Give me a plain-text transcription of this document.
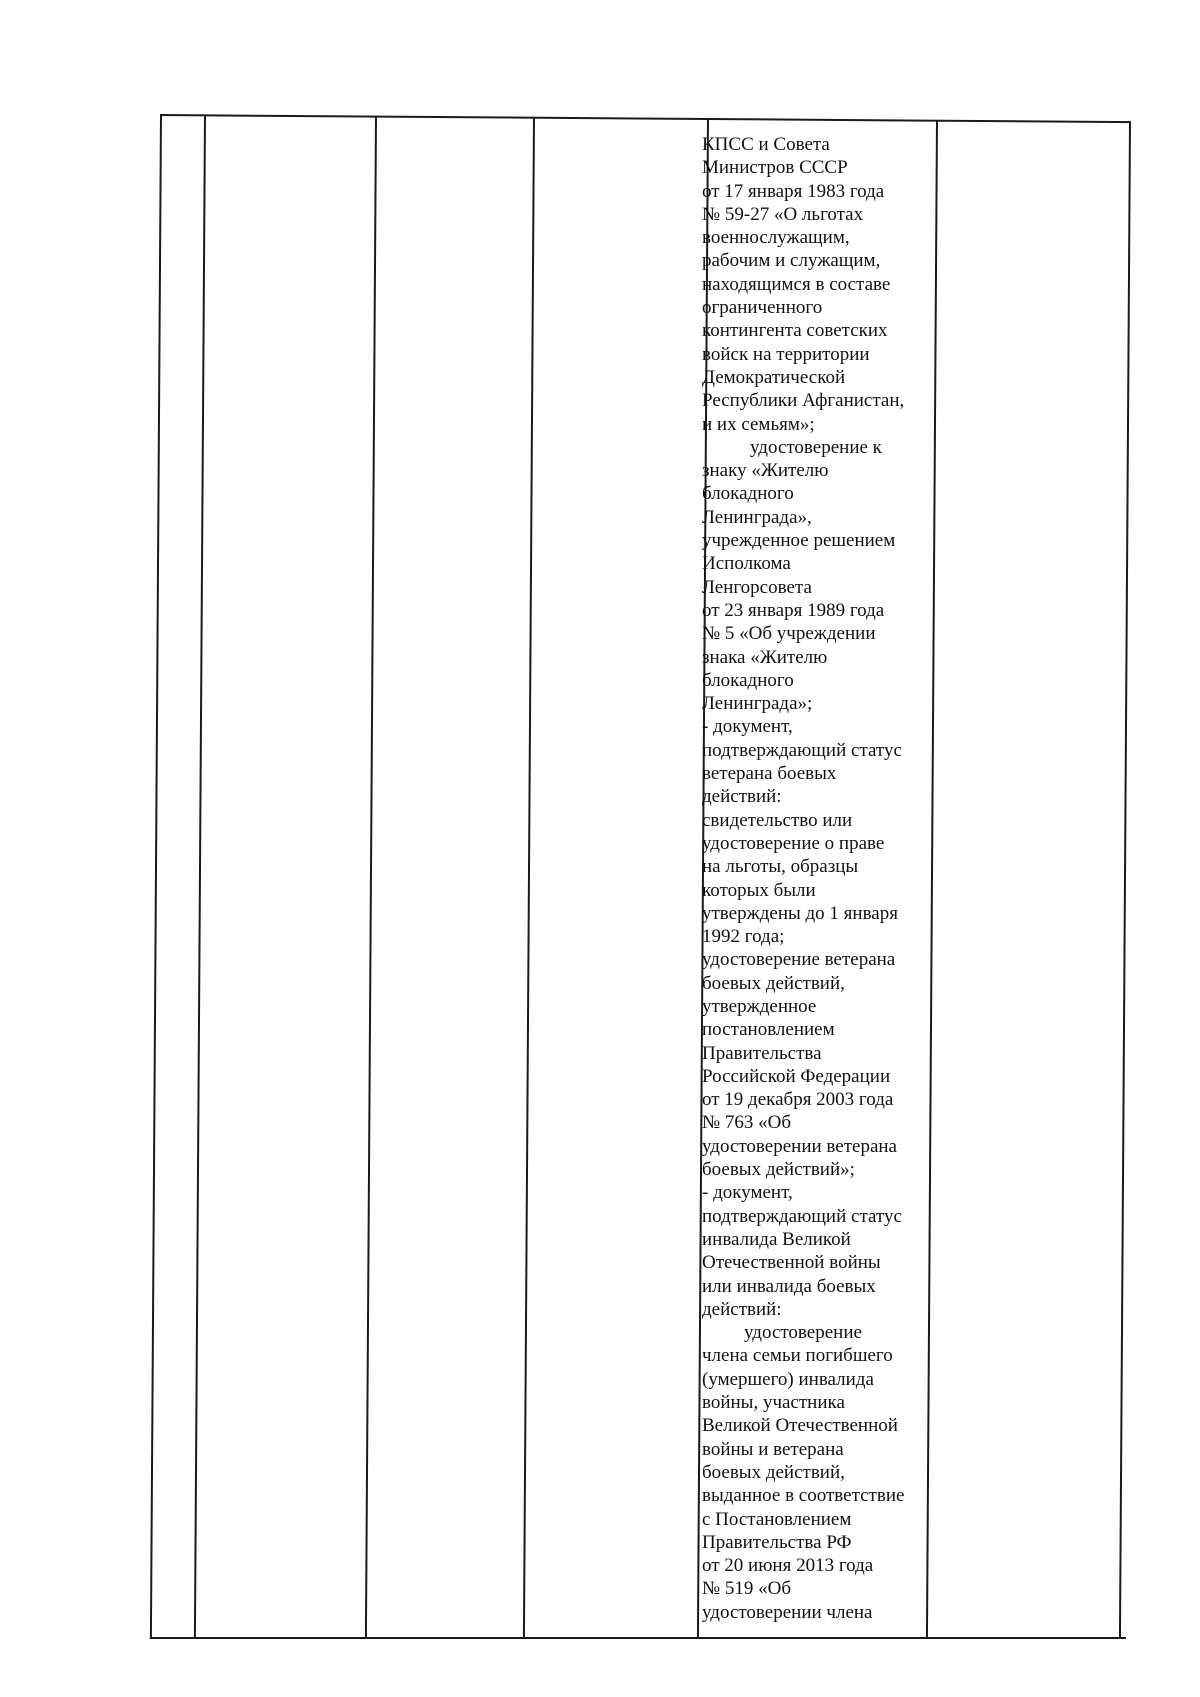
КПСС и Совета
Министров СССР
от 17 января 1983 года
№ 59-27 «О льготах
военнослужащим,
рабочим и служащим,
находящимся в составе
ограниченного
контингента советских
войск на территории
Демократической
Республики Афганистан,
и их семьям»;
удостоверение к
знаку «Жителю
блокадного
Ленинграда»,
учрежденное решением
Исполкома
Ленгорсовета
от 23 января 1989 года
№ 5 «Об учреждении
знака «Жителю
блокадного
Ленинграда»;
- документ,
подтверждающий статус
ветерана боевых
действий:
свидетельство или
удостоверение о праве
на льготы, образцы
которых были
утверждены до 1 января
1992 года;
удостоверение ветерана
боевых действий,
утвержденное
постановлением
Правительства
Российской Федерации
от 19 декабря 2003 года
№ 763 «Об
удостоверении ветерана
боевых действий»;
- документ,
подтверждающий статус
инвалида Великой
Отечественной войны
или инвалида боевых
действий:
удостоверение
члена семьи погибшего
(умершего) инвалида
войны, участника
Великой Отечественной
войны и ветерана
боевых действий,
выданное в соответствие
с Постановлением
Правительства РФ
от 20 июня 2013 года
№ 519 «Об
удостоверении члена
